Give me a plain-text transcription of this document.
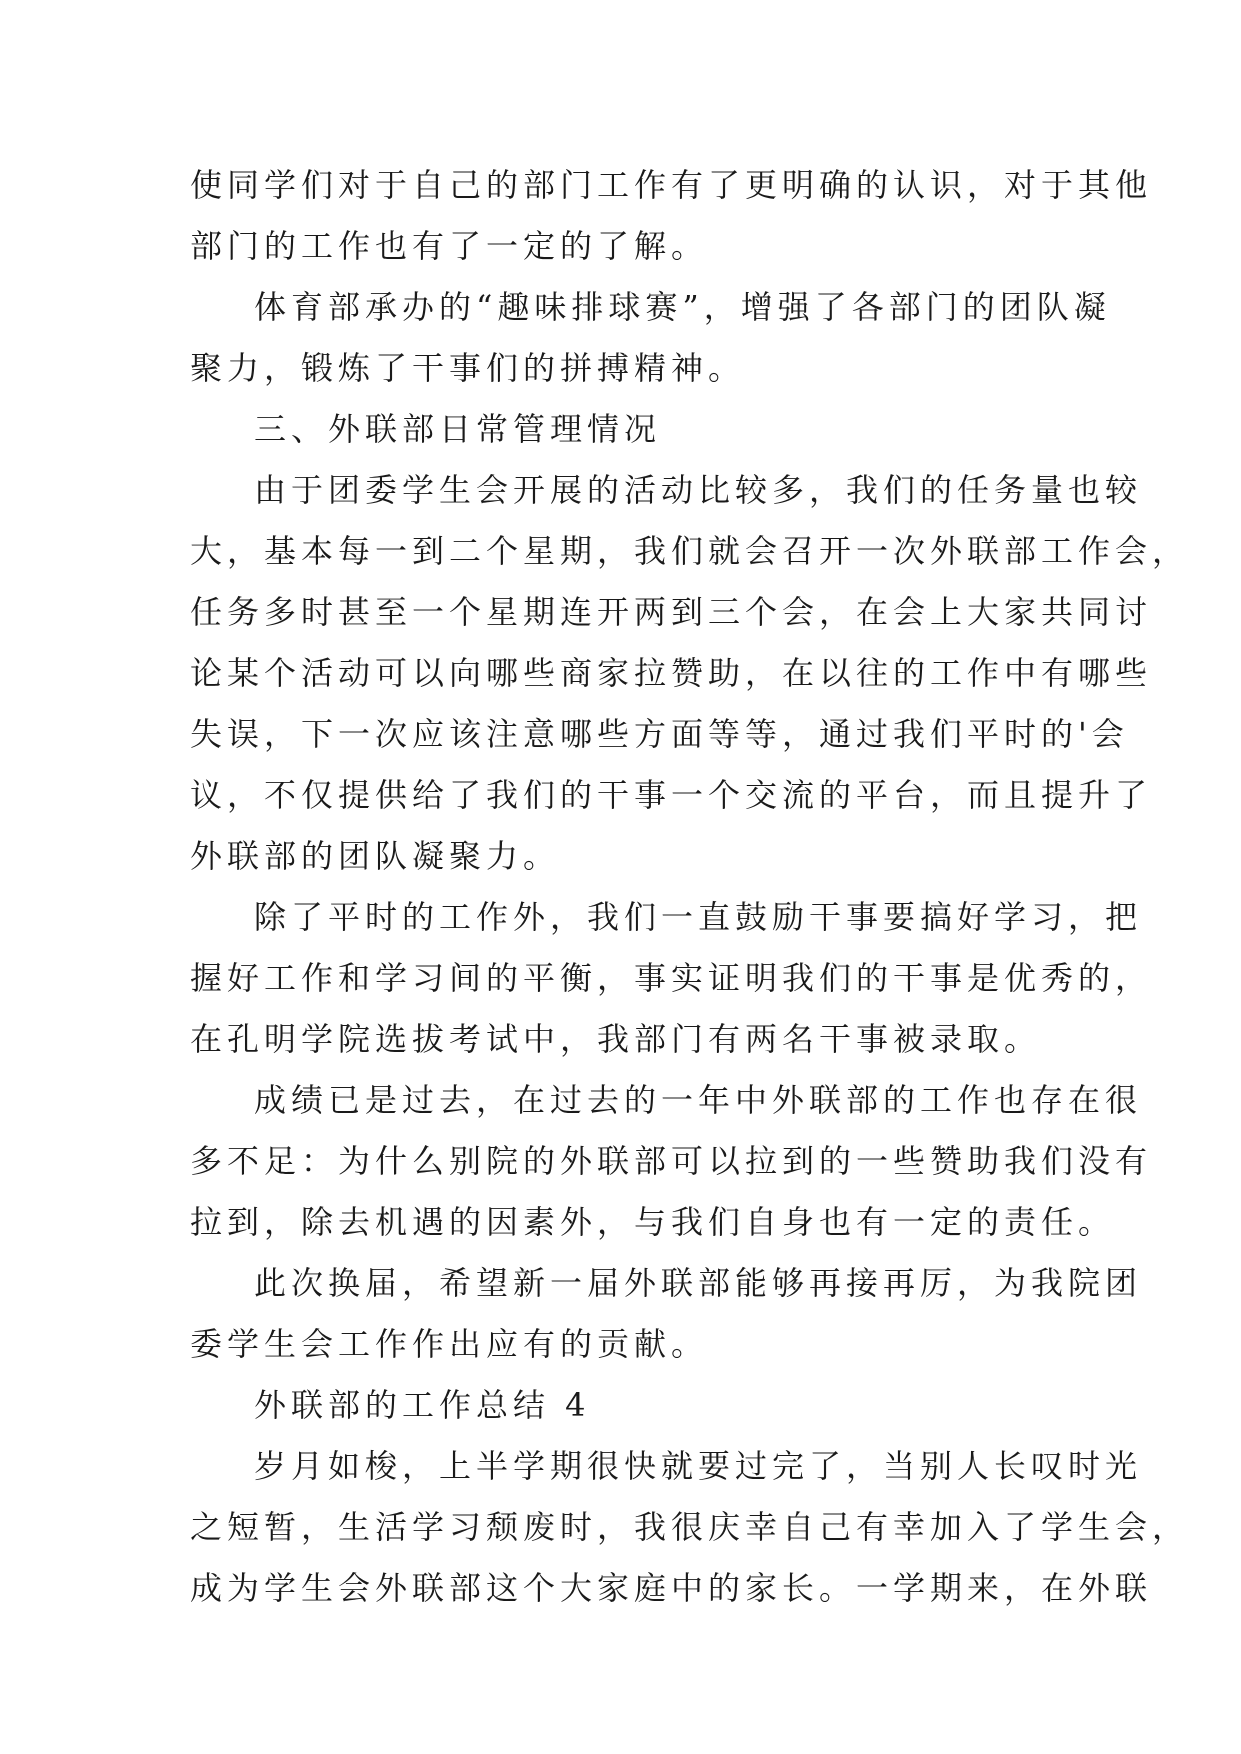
使同学们对于自己的部门工作有了更明确的认识，对于其他
部门的工作也有了一定的了解。
体育部承办的“趣味排球赛”，增强了各部门的团队凝
聚力，锻炼了干事们的拼搏精神。
三、外联部日常管理情况
由于团委学生会开展的活动比较多，我们的任务量也较
大，基本每一到二个星期，我们就会召开一次外联部工作会，
任务多时甚至一个星期连开两到三个会，在会上大家共同讨
论某个活动可以向哪些商家拉赞助，在以往的工作中有哪些
失误，下一次应该注意哪些方面等等，通过我们平时的'会
议，不仅提供给了我们的干事一个交流的平台，而且提升了
外联部的团队凝聚力。
除了平时的工作外，我们一直鼓励干事要搞好学习，把
握好工作和学习间的平衡，事实证明我们的干事是优秀的，
在孔明学院选拔考试中，我部门有两名干事被录取。
成绩已是过去，在过去的一年中外联部的工作也存在很
多不足：为什么别院的外联部可以拉到的一些赞助我们没有
拉到，除去机遇的因素外，与我们自身也有一定的责任。
此次换届，希望新一届外联部能够再接再厉，为我院团
委学生会工作作出应有的贡献。
外联部的工作总结 4
岁月如梭，上半学期很快就要过完了，当别人长叹时光
之短暂，生活学习颓废时，我很庆幸自己有幸加入了学生会，
成为学生会外联部这个大家庭中的家长。一学期来，在外联
